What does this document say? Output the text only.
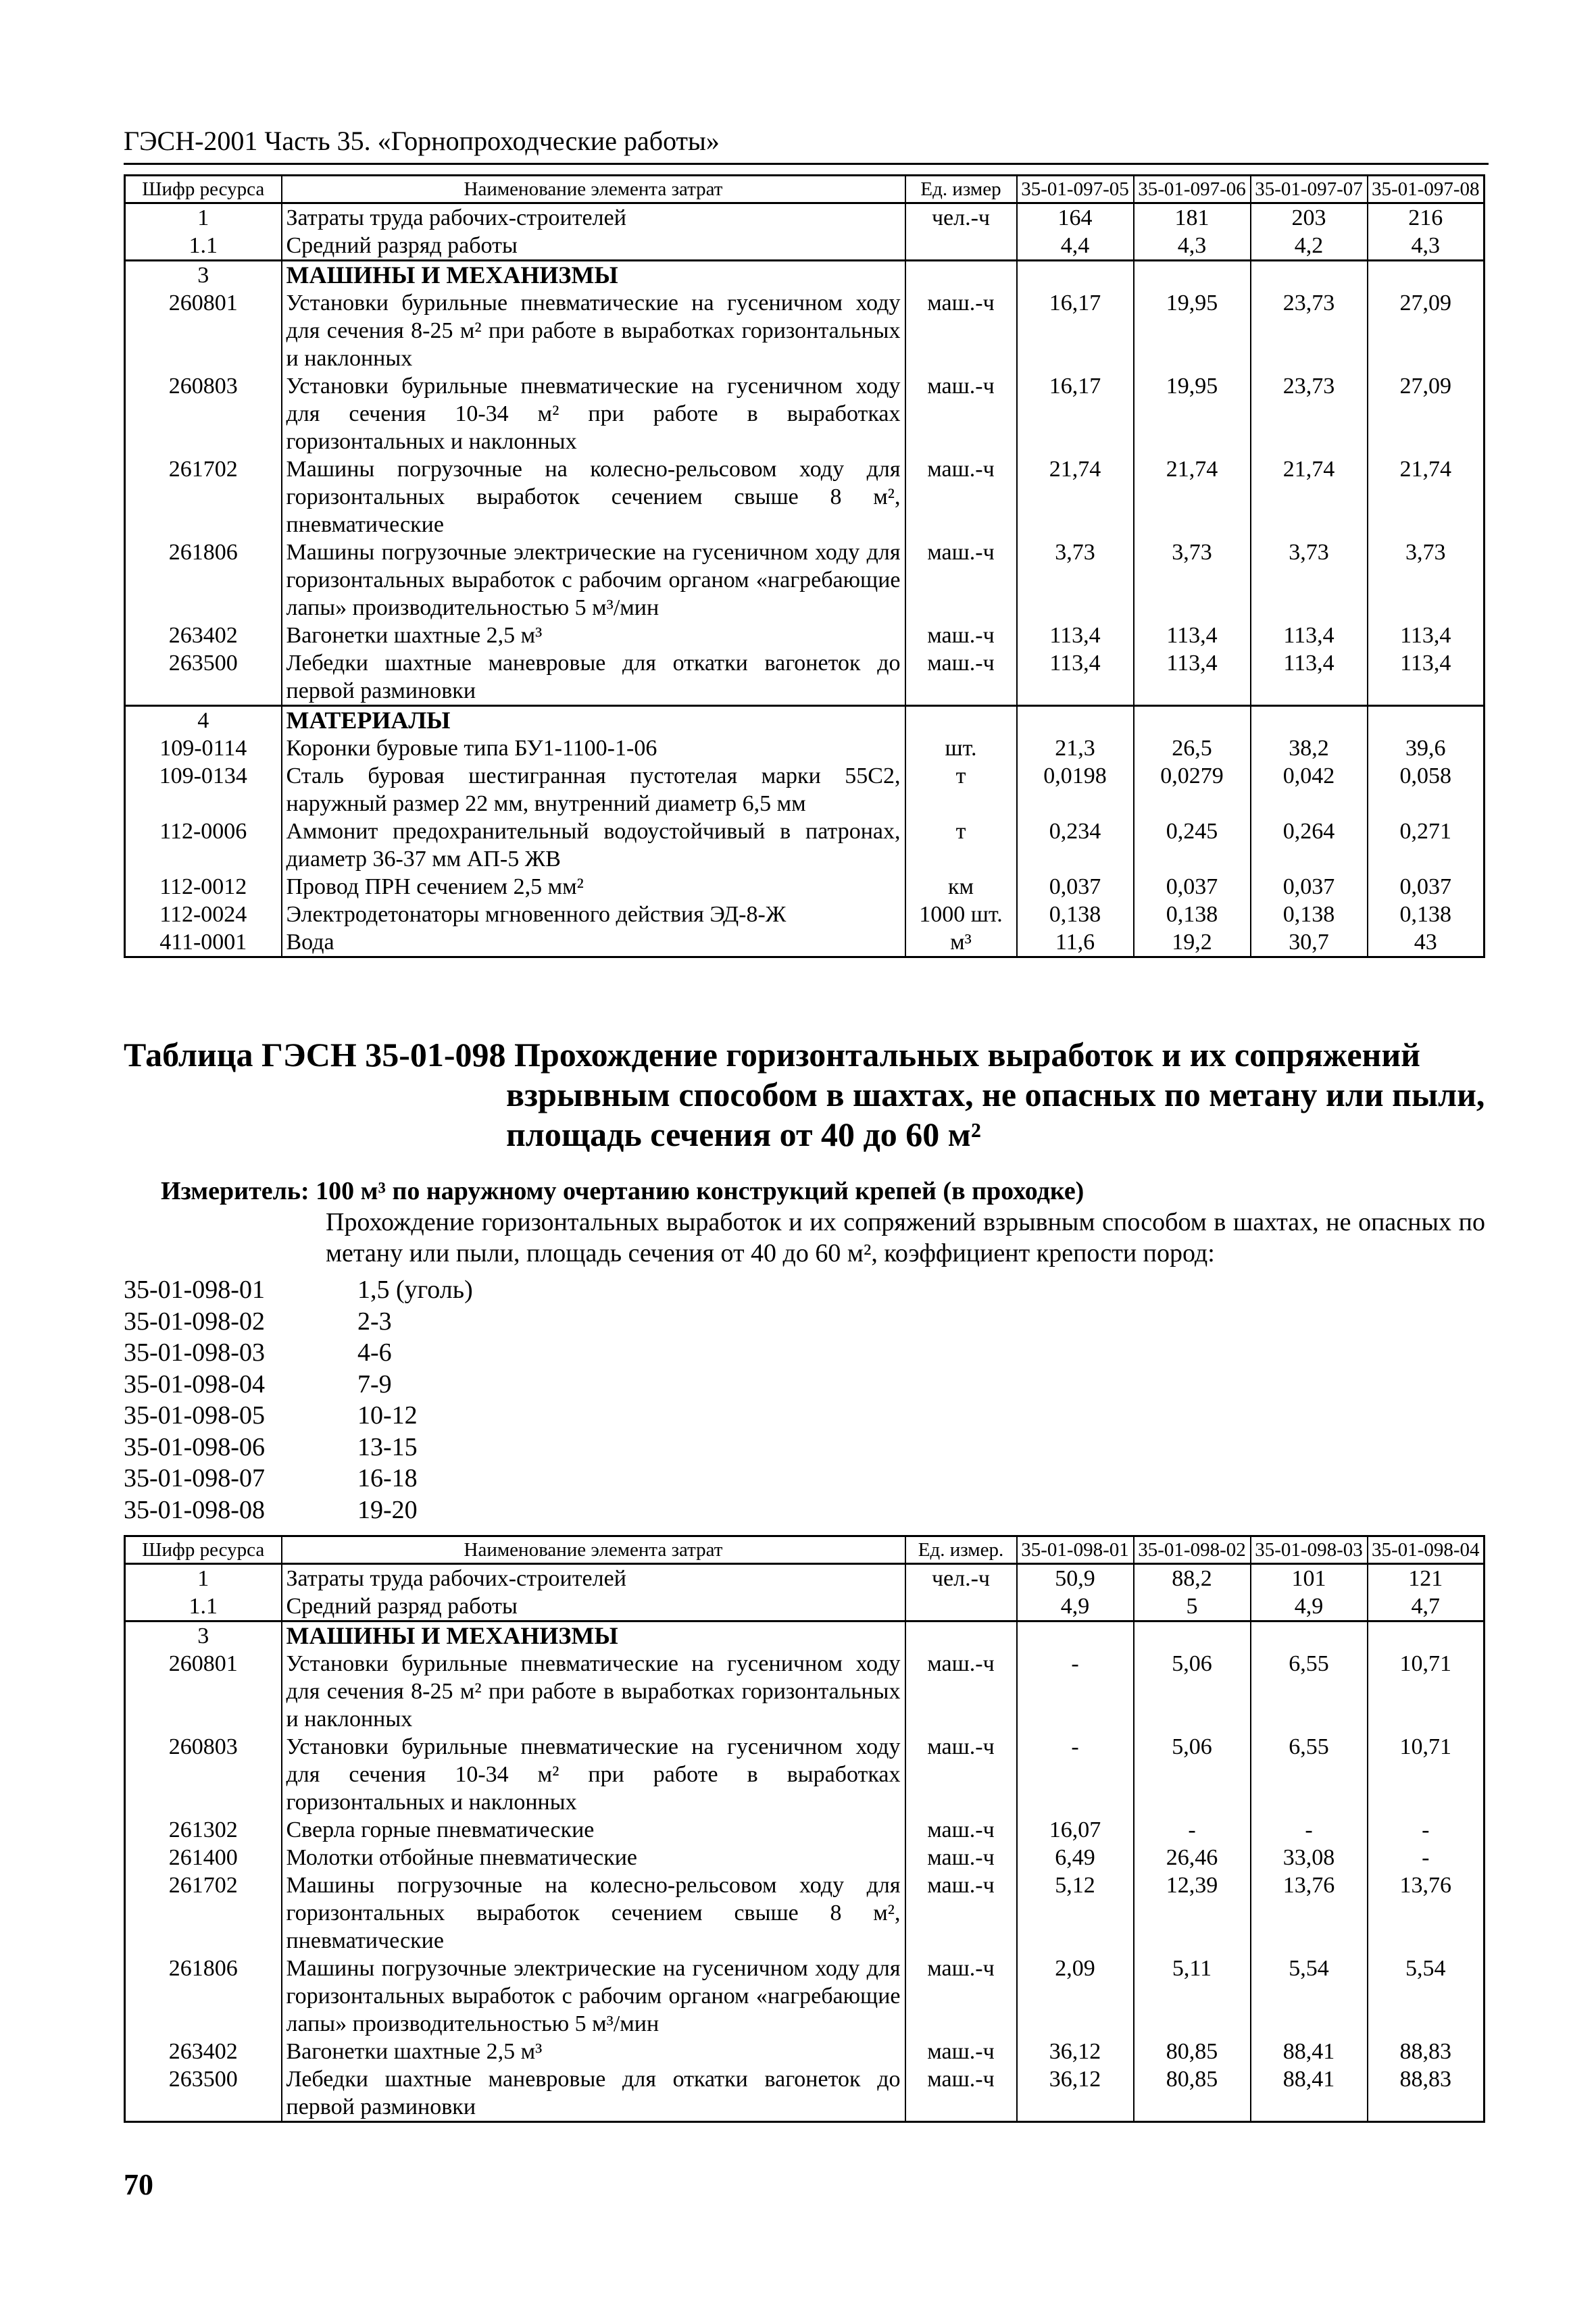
ГЭСН-2001 Часть 35. «Горнопроходческие работы»
Шифр ресурса	Наименование элемента затрат	Ед. измер	35-01-097-05	35-01-097-06	35-01-097-07	35-01-097-08
1	Затраты труда рабочих-строителей	чел.-ч	164	181	203	216
1.1	Средний разряд работы		4,4	4,3	4,2	4,3
3	МАШИНЫ И МЕХАНИЗМЫ					
260801	Установки бурильные пневматические на гусеничном ходу для сечения 8-25 м² при работе в выработках горизонтальных и наклонных	маш.-ч	16,17	19,95	23,73	27,09
260803	Установки бурильные пневматические на гусеничном ходу для сечения 10-34 м² при работе в выработках горизонтальных и наклонных	маш.-ч	16,17	19,95	23,73	27,09
261702	Машины погрузочные на колесно-рельсовом ходу для горизонтальных выработок сечением свыше 8 м², пневматические	маш.-ч	21,74	21,74	21,74	21,74
261806	Машины погрузочные электрические на гусеничном ходу для горизонтальных выработок с рабочим органом «нагребающие лапы» производительностью 5 м³/мин	маш.-ч	3,73	3,73	3,73	3,73
263402	Вагонетки шахтные 2,5 м³	маш.-ч	113,4	113,4	113,4	113,4
263500	Лебедки шахтные маневровые для откатки вагонеток до первой разминовки	маш.-ч	113,4	113,4	113,4	113,4
4	МАТЕРИАЛЫ					
109-0114	Коронки буровые типа БУ1-1100-1-06	шт.	21,3	26,5	38,2	39,6
109-0134	Сталь буровая шестигранная пустотелая марки 55С2, наружный размер 22 мм, внутренний диаметр 6,5 мм	т	0,0198	0,0279	0,042	0,058
112-0006	Аммонит предохранительный водоустойчивый в патронах, диаметр 36-37 мм АП-5 ЖВ	т	0,234	0,245	0,264	0,271
112-0012	Провод ПРН сечением 2,5 мм²	км	0,037	0,037	0,037	0,037
112-0024	Электродетонаторы мгновенного действия ЭД-8-Ж	1000 шт.	0,138	0,138	0,138	0,138
411-0001	Вода	м³	11,6	19,2	30,7	43
Таблица ГЭСН 35-01-098 Прохождение горизонтальных выработок и их сопряжений
взрывным способом в шахтах, не опасных по метану или пыли,
площадь сечения от 40 до 60 м²
Измеритель: 100 м³ по наружному очертанию конструкций крепей (в проходке)
Прохождение горизонтальных выработок и их сопряжений взрывным способом в шахтах, не опасных по метану или пыли, площадь сечения от 40 до 60 м², коэффициент крепости пород:
35-01-098-01	1,5 (уголь)
35-01-098-02	2-3
35-01-098-03	4-6
35-01-098-04	7-9
35-01-098-05	10-12
35-01-098-06	13-15
35-01-098-07	16-18
35-01-098-08	19-20
Шифр ресурса	Наименование элемента затрат	Ед. измер.	35-01-098-01	35-01-098-02	35-01-098-03	35-01-098-04
1	Затраты труда рабочих-строителей	чел.-ч	50,9	88,2	101	121
1.1	Средний разряд работы		4,9	5	4,9	4,7
3	МАШИНЫ И МЕХАНИЗМЫ					
260801	Установки бурильные пневматические на гусеничном ходу для сечения 8-25 м² при работе в выработках горизонтальных и наклонных	маш.-ч	-	5,06	6,55	10,71
260803	Установки бурильные пневматические на гусеничном ходу для сечения 10-34 м² при работе в выработках горизонтальных и наклонных	маш.-ч	-	5,06	6,55	10,71
261302	Сверла горные пневматические	маш.-ч	16,07	-	-	-
261400	Молотки отбойные пневматические	маш.-ч	6,49	26,46	33,08	-
261702	Машины погрузочные на колесно-рельсовом ходу для горизонтальных выработок сечением свыше 8 м², пневматические	маш.-ч	5,12	12,39	13,76	13,76
261806	Машины погрузочные электрические на гусеничном ходу для горизонтальных выработок с рабочим органом «нагребающие лапы» производительностью 5 м³/мин	маш.-ч	2,09	5,11	5,54	5,54
263402	Вагонетки шахтные 2,5 м³	маш.-ч	36,12	80,85	88,41	88,83
263500	Лебедки шахтные маневровые для откатки вагонеток до первой разминовки	маш.-ч	36,12	80,85	88,41	88,83
70
